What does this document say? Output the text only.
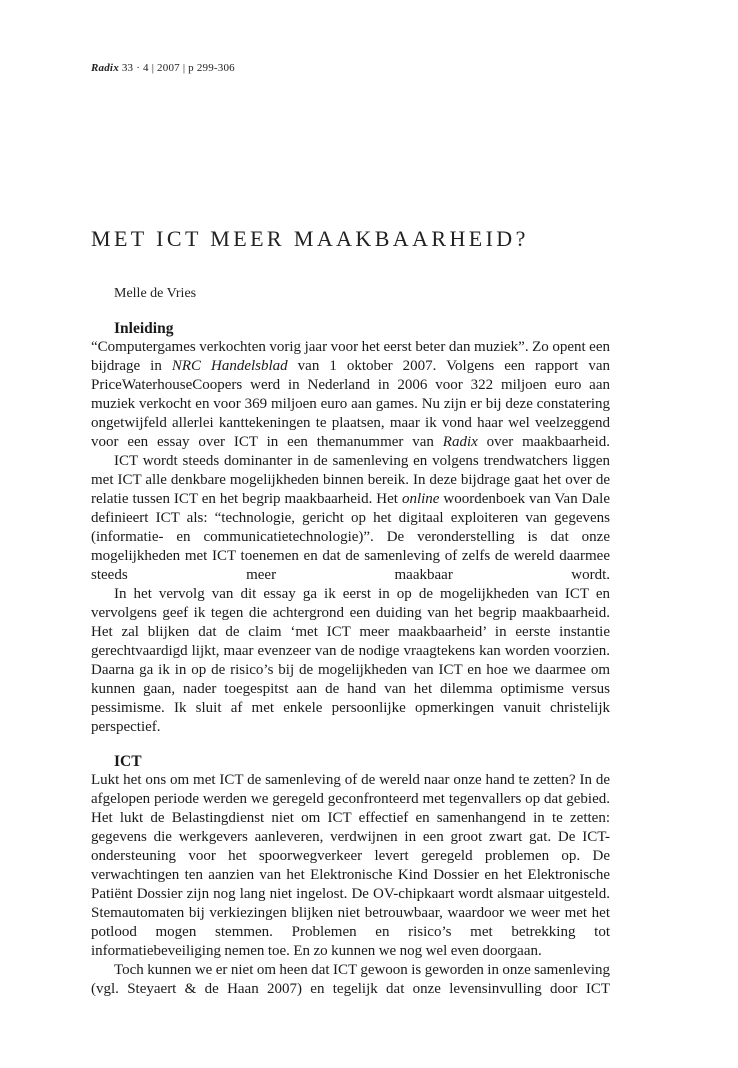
Radix 33 · 4 | 2007 | p 299-306
MET ICT MEER MAAKBAARHEID?
Melle de Vries
Inleiding

“Computergames verkochten vorig jaar voor het eerst beter dan muziek”. Zo opent een bijdrage in NRC Handelsblad van 1 oktober 2007. Volgens een rapport van PriceWaterhouseCoopers werd in Nederland in 2006 voor 322 miljoen euro aan muziek verkocht en voor 369 miljoen euro aan games. Nu zijn er bij deze constatering ongetwijfeld allerlei kanttekeningen te plaatsen, maar ik vond haar wel veelzeggend voor een essay over ICT in een themanummer van Radix over maakbaarheid.

ICT wordt steeds dominanter in de samenleving en volgens trendwatchers liggen met ICT alle denkbare mogelijkheden binnen bereik. In deze bijdrage gaat het over de relatie tussen ICT en het begrip maakbaarheid. Het online woordenboek van Van Dale definieert ICT als: “technologie, gericht op het digitaal exploiteren van gegevens (informatie- en communicatietechnologie)”. De veronderstelling is dat onze mogelijkheden met ICT toenemen en dat de samenleving of zelfs de wereld daarmee steeds meer maakbaar wordt.

In het vervolg van dit essay ga ik eerst in op de mogelijkheden van ICT en vervolgens geef ik tegen die achtergrond een duiding van het begrip maakbaarheid. Het zal blijken dat de claim ‘met ICT meer maakbaarheid’ in eerste instantie gerechtvaardigd lijkt, maar evenzeer van de nodige vraagtekens kan worden voorzien. Daarna ga ik in op de risico’s bij de mogelijkheden van ICT en hoe we daarmee om kunnen gaan, nader toegespitst aan de hand van het dilemma optimisme versus pessimisme. Ik sluit af met enkele persoonlijke opmerkingen vanuit christelijk perspectief.

ICT

Lukt het ons om met ICT de samenleving of de wereld naar onze hand te zetten? In de afgelopen periode werden we geregeld geconfronteerd met tegenvallers op dat gebied. Het lukt de Belastingdienst niet om ICT effectief en samenhangend in te zetten: gegevens die werkgevers aanleveren, verdwijnen in een groot zwart gat. De ICT-ondersteuning voor het spoorwegverkeer levert geregeld problemen op. De verwachtingen ten aanzien van het Elektronische Kind Dossier en het Elektronische Patiënt Dossier zijn nog lang niet ingelost. De OV-chipkaart wordt alsmaar uitgesteld. Stemautomaten bij verkiezingen blijken niet betrouwbaar, waardoor we weer met het potlood mogen stemmen. Problemen en risico’s met betrekking tot informatiebeveiliging nemen toe. En zo kunnen we nog wel even doorgaan.

Toch kunnen we er niet om heen dat ICT gewoon is geworden in onze samenleving (vgl. Steyaert & de Haan 2007) en tegelijk dat onze levensinvulling door ICT
